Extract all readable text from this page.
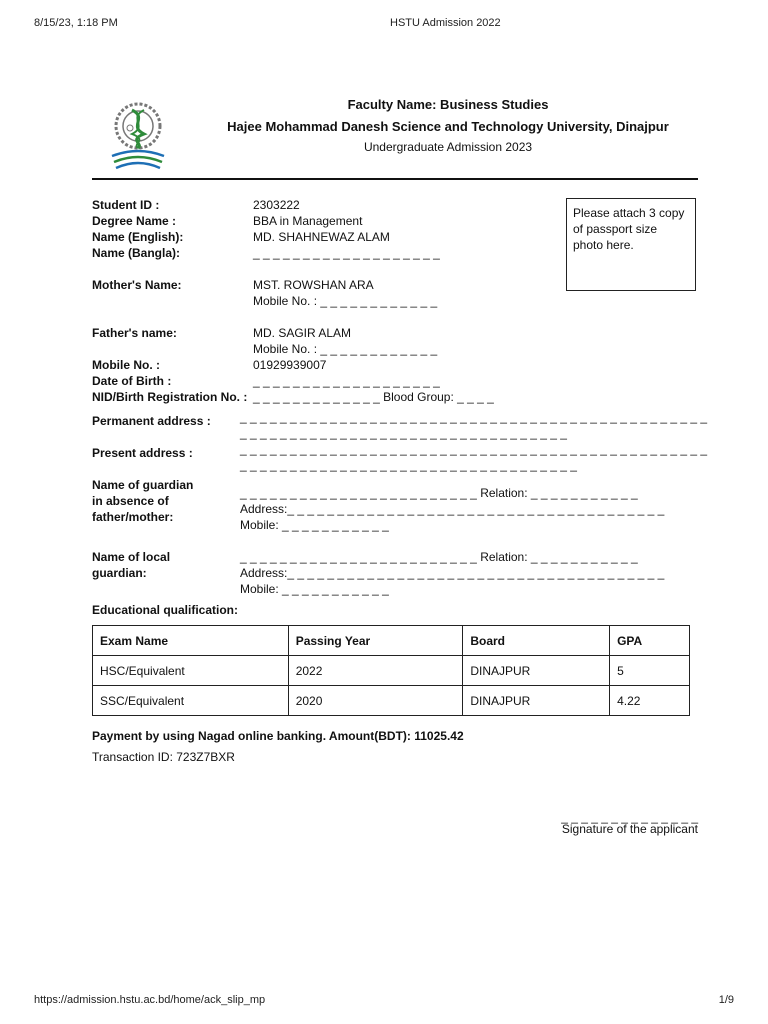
8/15/23, 1:18 PM	HSTU Admission 2022
Faculty Name: Business Studies
Hajee Mohammad Danesh Science and Technology University, Dinajpur
Undergraduate Admission 2023
Please attach 3 copy of passport size photo here.
Student ID :	2303222
Degree Name :	BBA in Management
Name (English):	MD. SHAHNEWAZ ALAM
Name (Bangla):	_ _ _ _ _ _ _ _ _ _ _ _ _ _ _ _ _ _ _
Mother's Name:	MST. ROWSHAN ARA
Mobile No. : _ _ _ _ _ _ _ _ _ _ _ _
Father's name:	MD. SAGIR ALAM
Mobile No. : _ _ _ _ _ _ _ _ _ _ _ _
Mobile No. :	01929939007
Date of Birth :	_ _ _ _ _ _ _ _ _ _ _ _ _ _ _ _ _ _ _
NID/Birth Registration No. : _ _ _ _ _ _ _ _ _ _ _ _ _ Blood Group: _ _ _ _
Permanent address : _ _ _ _ _ _ _ _ _ _ _ _ _ _ _ _ _ _ _ _ _ _ _ _ _ _ _ _ _ _ _ _ _ _ _ _ _ _ _ _ _ _ _ _ _ _ _
_ _ _ _ _ _ _ _ _ _ _ _ _ _ _ _ _ _ _ _ _ _ _ _ _ _ _ _ _ _ _ _ _
Present address :	_ _ _ _ _ _ _ _ _ _ _ _ _ _ _ _ _ _ _ _ _ _ _ _ _ _ _ _ _ _ _ _ _ _ _ _ _ _ _ _ _ _ _ _ _ _ _
_ _ _ _ _ _ _ _ _ _ _ _ _ _ _ _ _ _ _ _ _ _ _ _ _ _ _ _ _ _ _ _ _ _
Name of guardian
in absence of
father/mother:
_ _ _ _ _ _ _ _ _ _ _ _ _ _ _ _ _ _ _ _ _ _ _ _ Relation: _ _ _ _ _ _ _ _ _ _ _
Address:_ _ _ _ _ _ _ _ _ _ _ _ _ _ _ _ _ _ _ _ _ _ _ _ _ _ _ _ _ _ _ _ _ _ _ _ _ _
Mobile: _ _ _ _ _ _ _ _ _ _ _
Name of local
guardian:
_ _ _ _ _ _ _ _ _ _ _ _ _ _ _ _ _ _ _ _ _ _ _ _ Relation: _ _ _ _ _ _ _ _ _ _ _
Address:_ _ _ _ _ _ _ _ _ _ _ _ _ _ _ _ _ _ _ _ _ _ _ _ _ _ _ _ _ _ _ _ _ _ _ _ _ _
Mobile: _ _ _ _ _ _ _ _ _ _ _
Educational qualification:
Exam Name	Passing Year	Board	GPA
HSC/Equivalent	2022	DINAJPUR	5
SSC/Equivalent	2020	DINAJPUR	4.22
Payment by using Nagad online banking. Amount(BDT): 11025.42
Transaction ID: 723Z7BXR
_ _ _ _ _ _ _ _ _ _ _ _ _ _
Signature of the applicant
https://admission.hstu.ac.bd/home/ack_slip_mp	1/9
